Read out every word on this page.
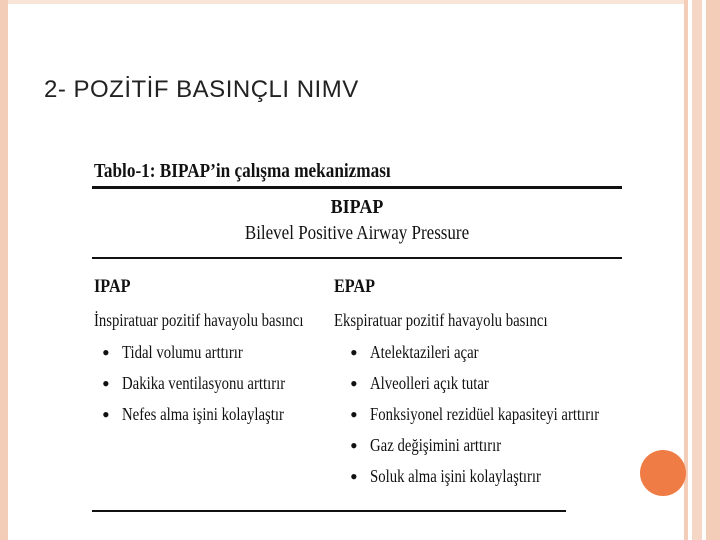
2- POZİTİF BASINÇLI NIMV
Tablo-1: BIPAP’in çalışma mekanizması
BIPAP
Bilevel Positive Airway Pressure
IPAP
İnspiratuar pozitif havayolu basıncı
• Tidal volumu arttırır
• Dakika ventilasyonu arttırır
• Nefes alma işini kolaylaştır
EPAP
Ekspiratuar pozitif havayolu basıncı
• Atelektazileri açar
• Alveolleri açık tutar
• Fonksiyonel rezidüel kapasiteyi arttırır
• Gaz değişimini arttırır
• Soluk alma işini kolaylaştırır
